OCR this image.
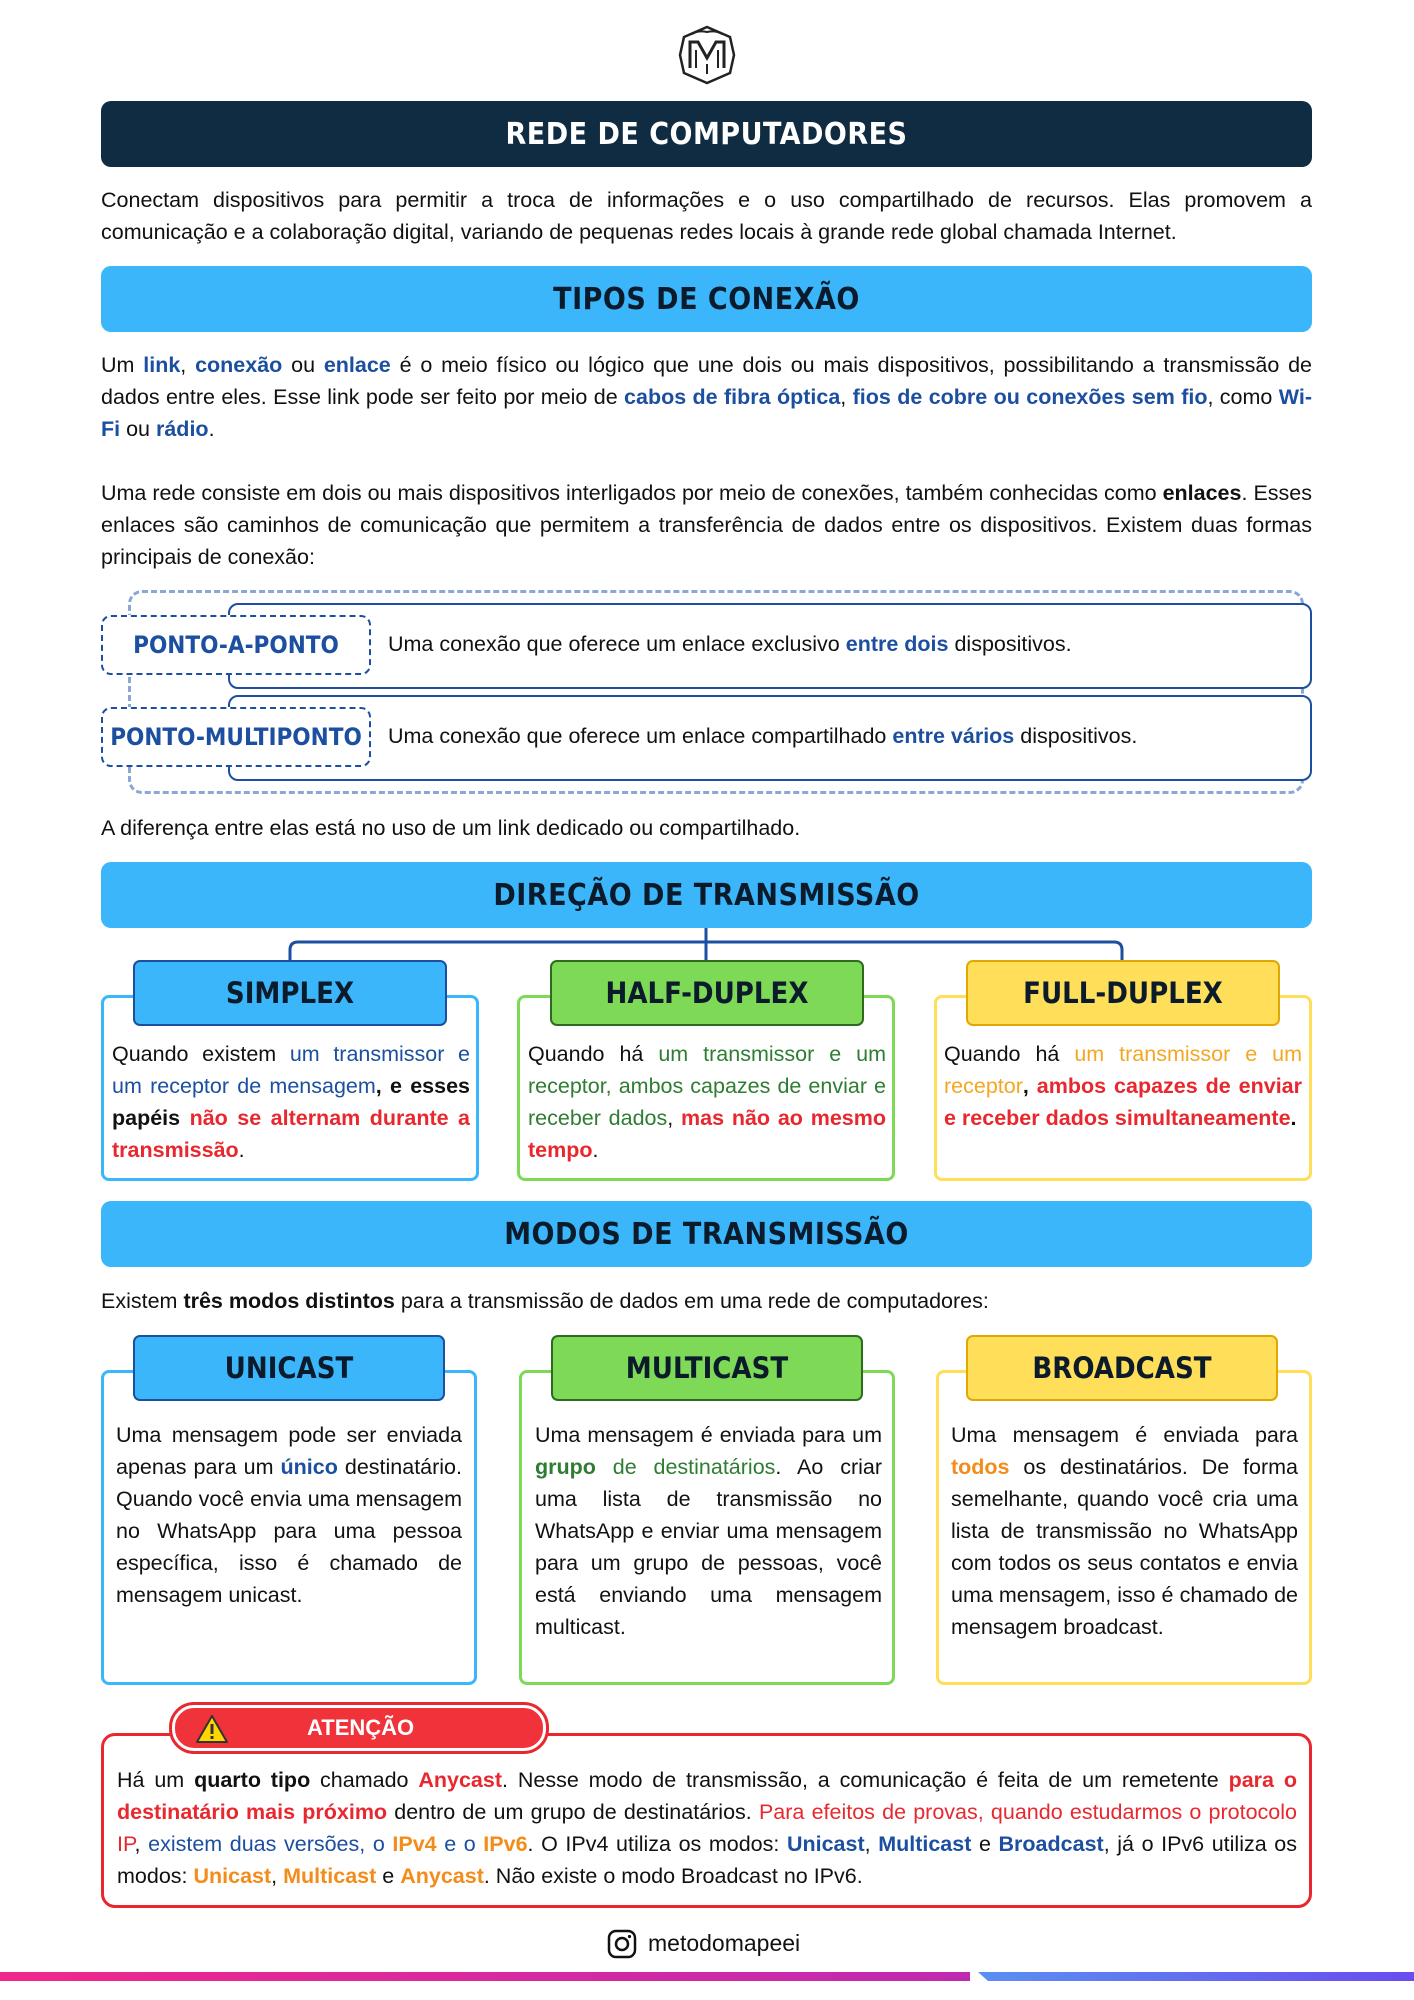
REDE DE COMPUTADORES
Conectam dispositivos para permitir a troca de informações e o uso compartilhado de recursos. Elas promovem a comunicação e a colaboração digital, variando de pequenas redes locais à grande rede global chamada Internet.
TIPOS DE CONEXÃO
Um link, conexão ou enlace é o meio físico ou lógico que une dois ou mais dispositivos, possibilitando a transmissão de dados entre eles. Esse link pode ser feito por meio de cabos de fibra óptica, fios de cobre ou conexões sem fio, como Wi-Fi ou rádio.
Uma rede consiste em dois ou mais dispositivos interligados por meio de conexões, também conhecidas como enlaces. Esses enlaces são caminhos de comunicação que permitem a transferência de dados entre os dispositivos. Existem duas formas principais de conexão:
PONTO-A-PONTO Uma conexão que oferece um enlace exclusivo entre dois dispositivos.
PONTO-MULTIPONTO Uma conexão que oferece um enlace compartilhado entre vários dispositivos.
A diferença entre elas está no uso de um link dedicado ou compartilhado.
DIREÇÃO DE TRANSMISSÃO
SIMPLEX
Quando existem um transmissor e um receptor de mensagem, e esses papéis não se alternam durante a transmissão.
HALF-DUPLEX
Quando há um transmissor e um receptor, ambos capazes de enviar e receber dados, mas não ao mesmo tempo.
FULL-DUPLEX
Quando há um transmissor e um receptor, ambos capazes de enviar e receber dados simultaneamente.
MODOS DE TRANSMISSÃO
Existem três modos distintos para a transmissão de dados em uma rede de computadores:
UNICAST
Uma mensagem pode ser enviada apenas para um único destinatário. Quando você envia uma mensagem no WhatsApp para uma pessoa específica, isso é chamado de mensagem unicast.
MULTICAST
Uma mensagem é enviada para um grupo de destinatários. Ao criar uma lista de transmissão no WhatsApp e enviar uma mensagem para um grupo de pessoas, você está enviando uma mensagem multicast.
BROADCAST
Uma mensagem é enviada para todos os destinatários. De forma semelhante, quando você cria uma lista de transmissão no WhatsApp com todos os seus contatos e envia uma mensagem, isso é chamado de mensagem broadcast.
ATENÇÃO
Há um quarto tipo chamado Anycast. Nesse modo de transmissão, a comunicação é feita de um remetente para o destinatário mais próximo dentro de um grupo de destinatários. Para efeitos de provas, quando estudarmos o protocolo IP, existem duas versões, o IPv4 e o IPv6. O IPv4 utiliza os modos: Unicast, Multicast e Broadcast, já o IPv6 utiliza os modos: Unicast, Multicast e Anycast. Não existe o modo Broadcast no IPv6.
metodomapeei
